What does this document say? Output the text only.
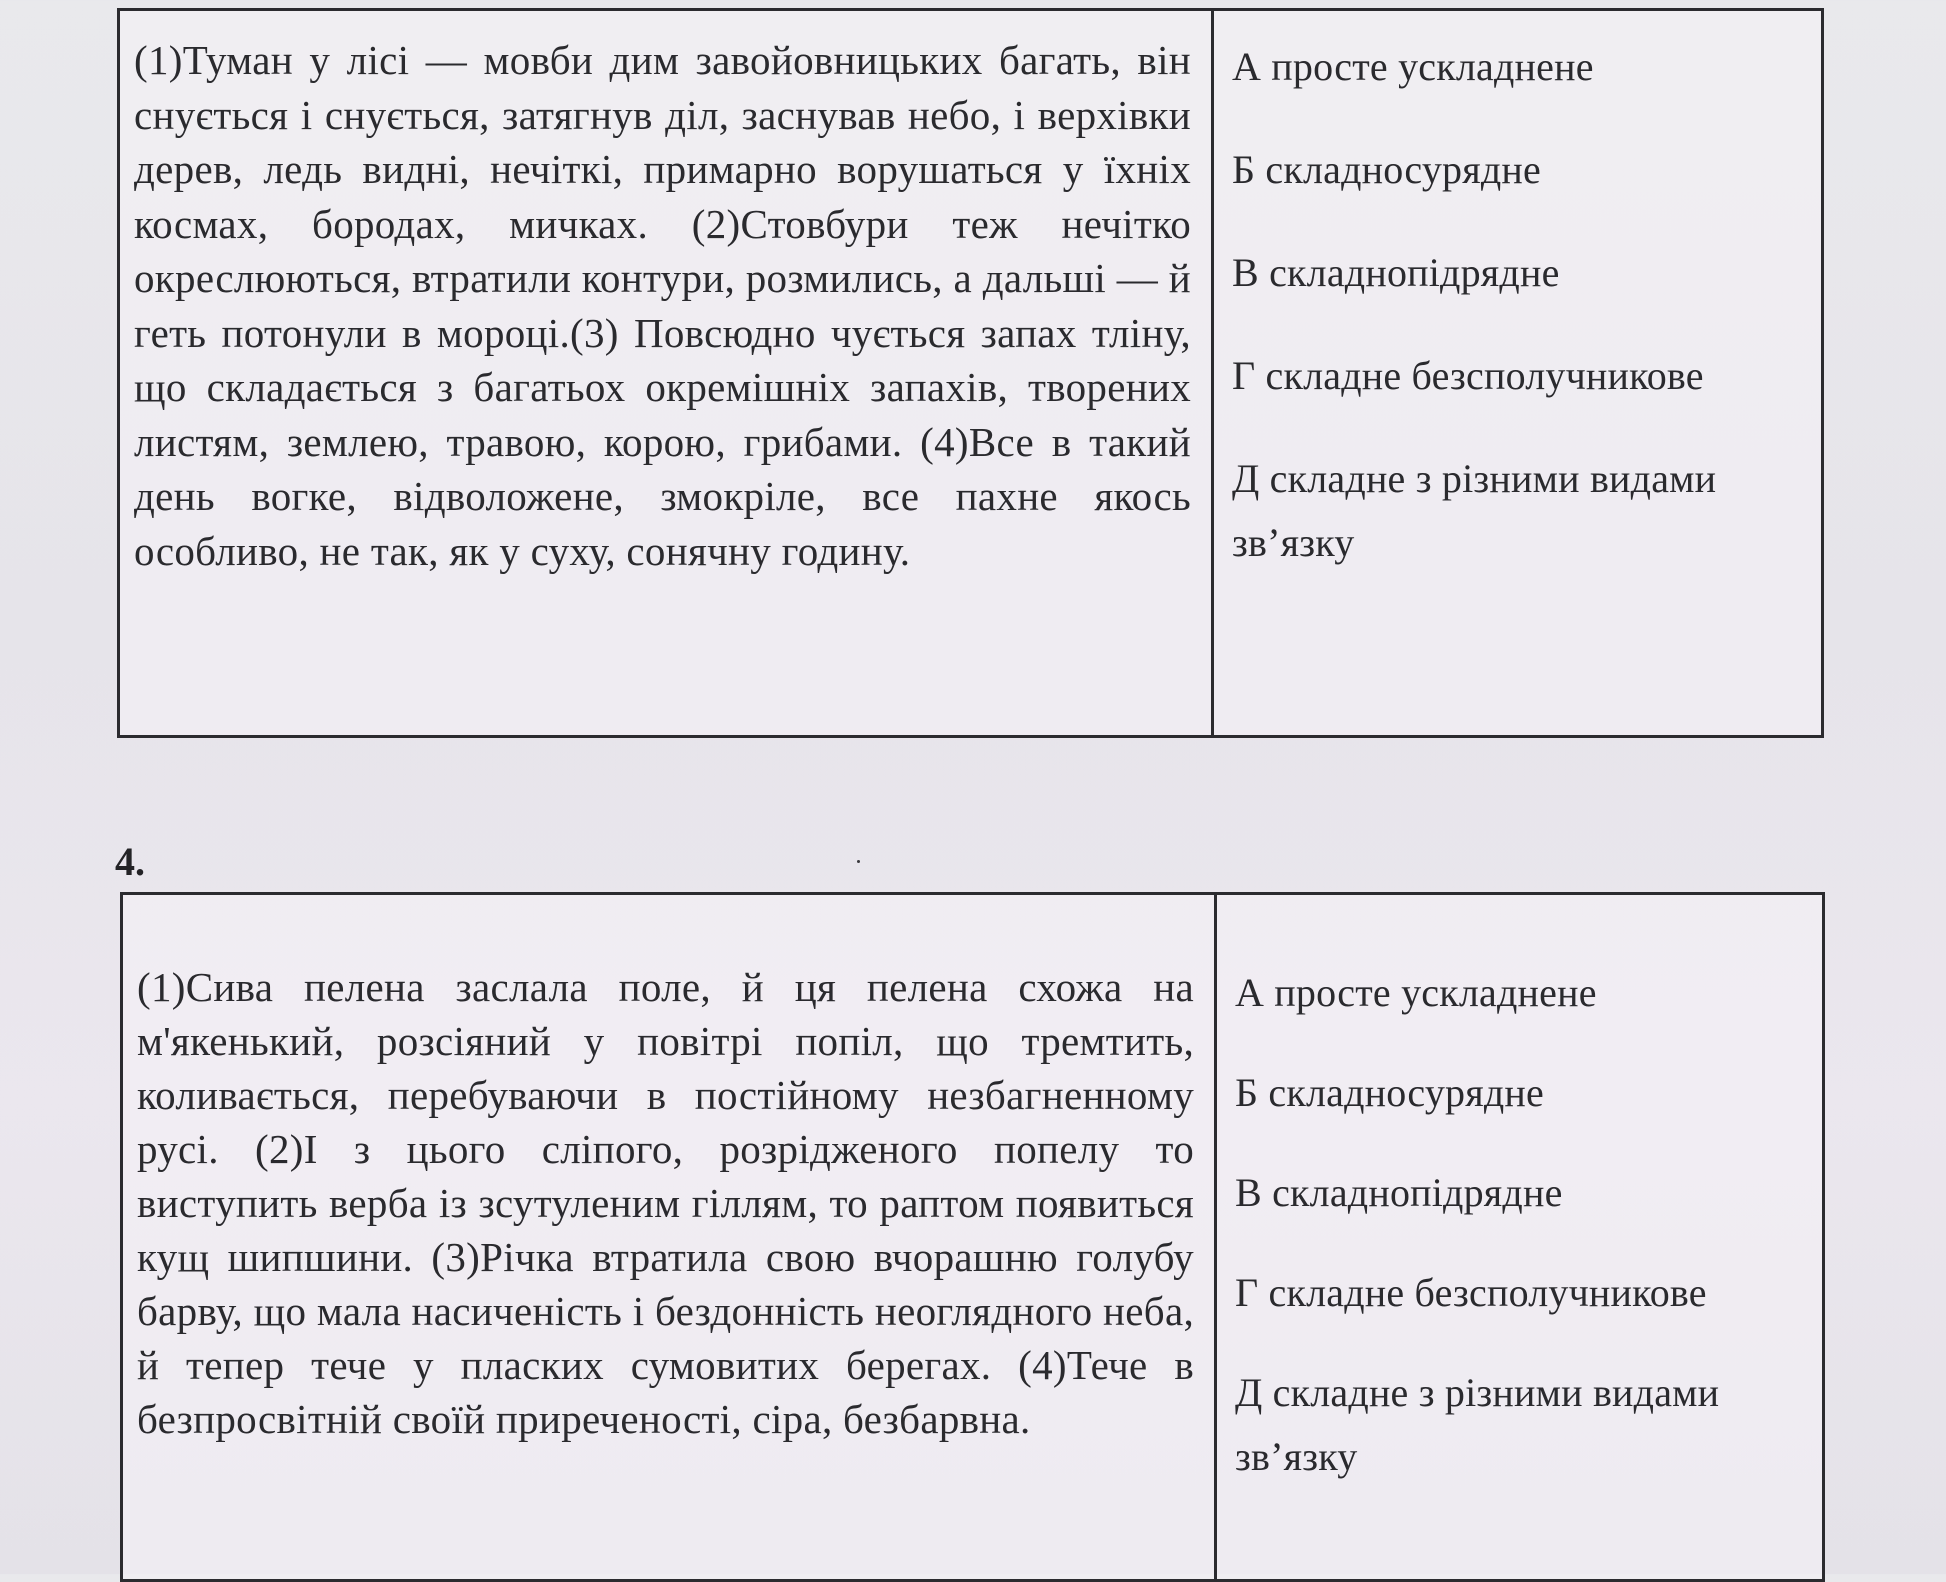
(1)Туман у лісі — мовби дим завойовницьких багать, він снується і снується, затягнув діл, заснував небо, і верхівки дерев, ледь видні, нечіткі, примарно ворушаться у їхніх космах, бородах, мичках. (2)Стовбури теж нечітко окреслюються, втратили контури, розмились, а дальші — й геть потонули в мороці.(3) Повсюдно чується запах тліну, що складається з багатьох окремішніх запахів, творених листям, землею, травою, корою, грибами. (4)Все в такий день вогке, відволожене, змокріле, все пахне якось особливо, не так, як у суху, сонячну годину.
А просте ускладнене
Б складносурядне
В складнопідрядне
Г складне безсполучникове
Д складне з різними видами зв’язку
4.
(1)Сива пелена заслала поле, й ця пелена схожа на м'якенький, розсіяний у повітрі попіл, що тремтить, коливається, перебуваючи в постійному незбагненному русі. (2)І з цього сліпого, розрідженого попелу то виступить верба із зсутуленим гіллям, то раптом появиться кущ шипшини. (3)Річка втратила свою вчорашню голубу барву, що мала насиченість і бездонність неоглядного неба, й тепер тече у пласких сумовитих берегах. (4)Тече в безпросвітній своїй приреченості, сіра, безбарвна.
А просте ускладнене
Б складносурядне
В складнопідрядне
Г складне безсполучникове
Д складне з різними видами зв’язку
